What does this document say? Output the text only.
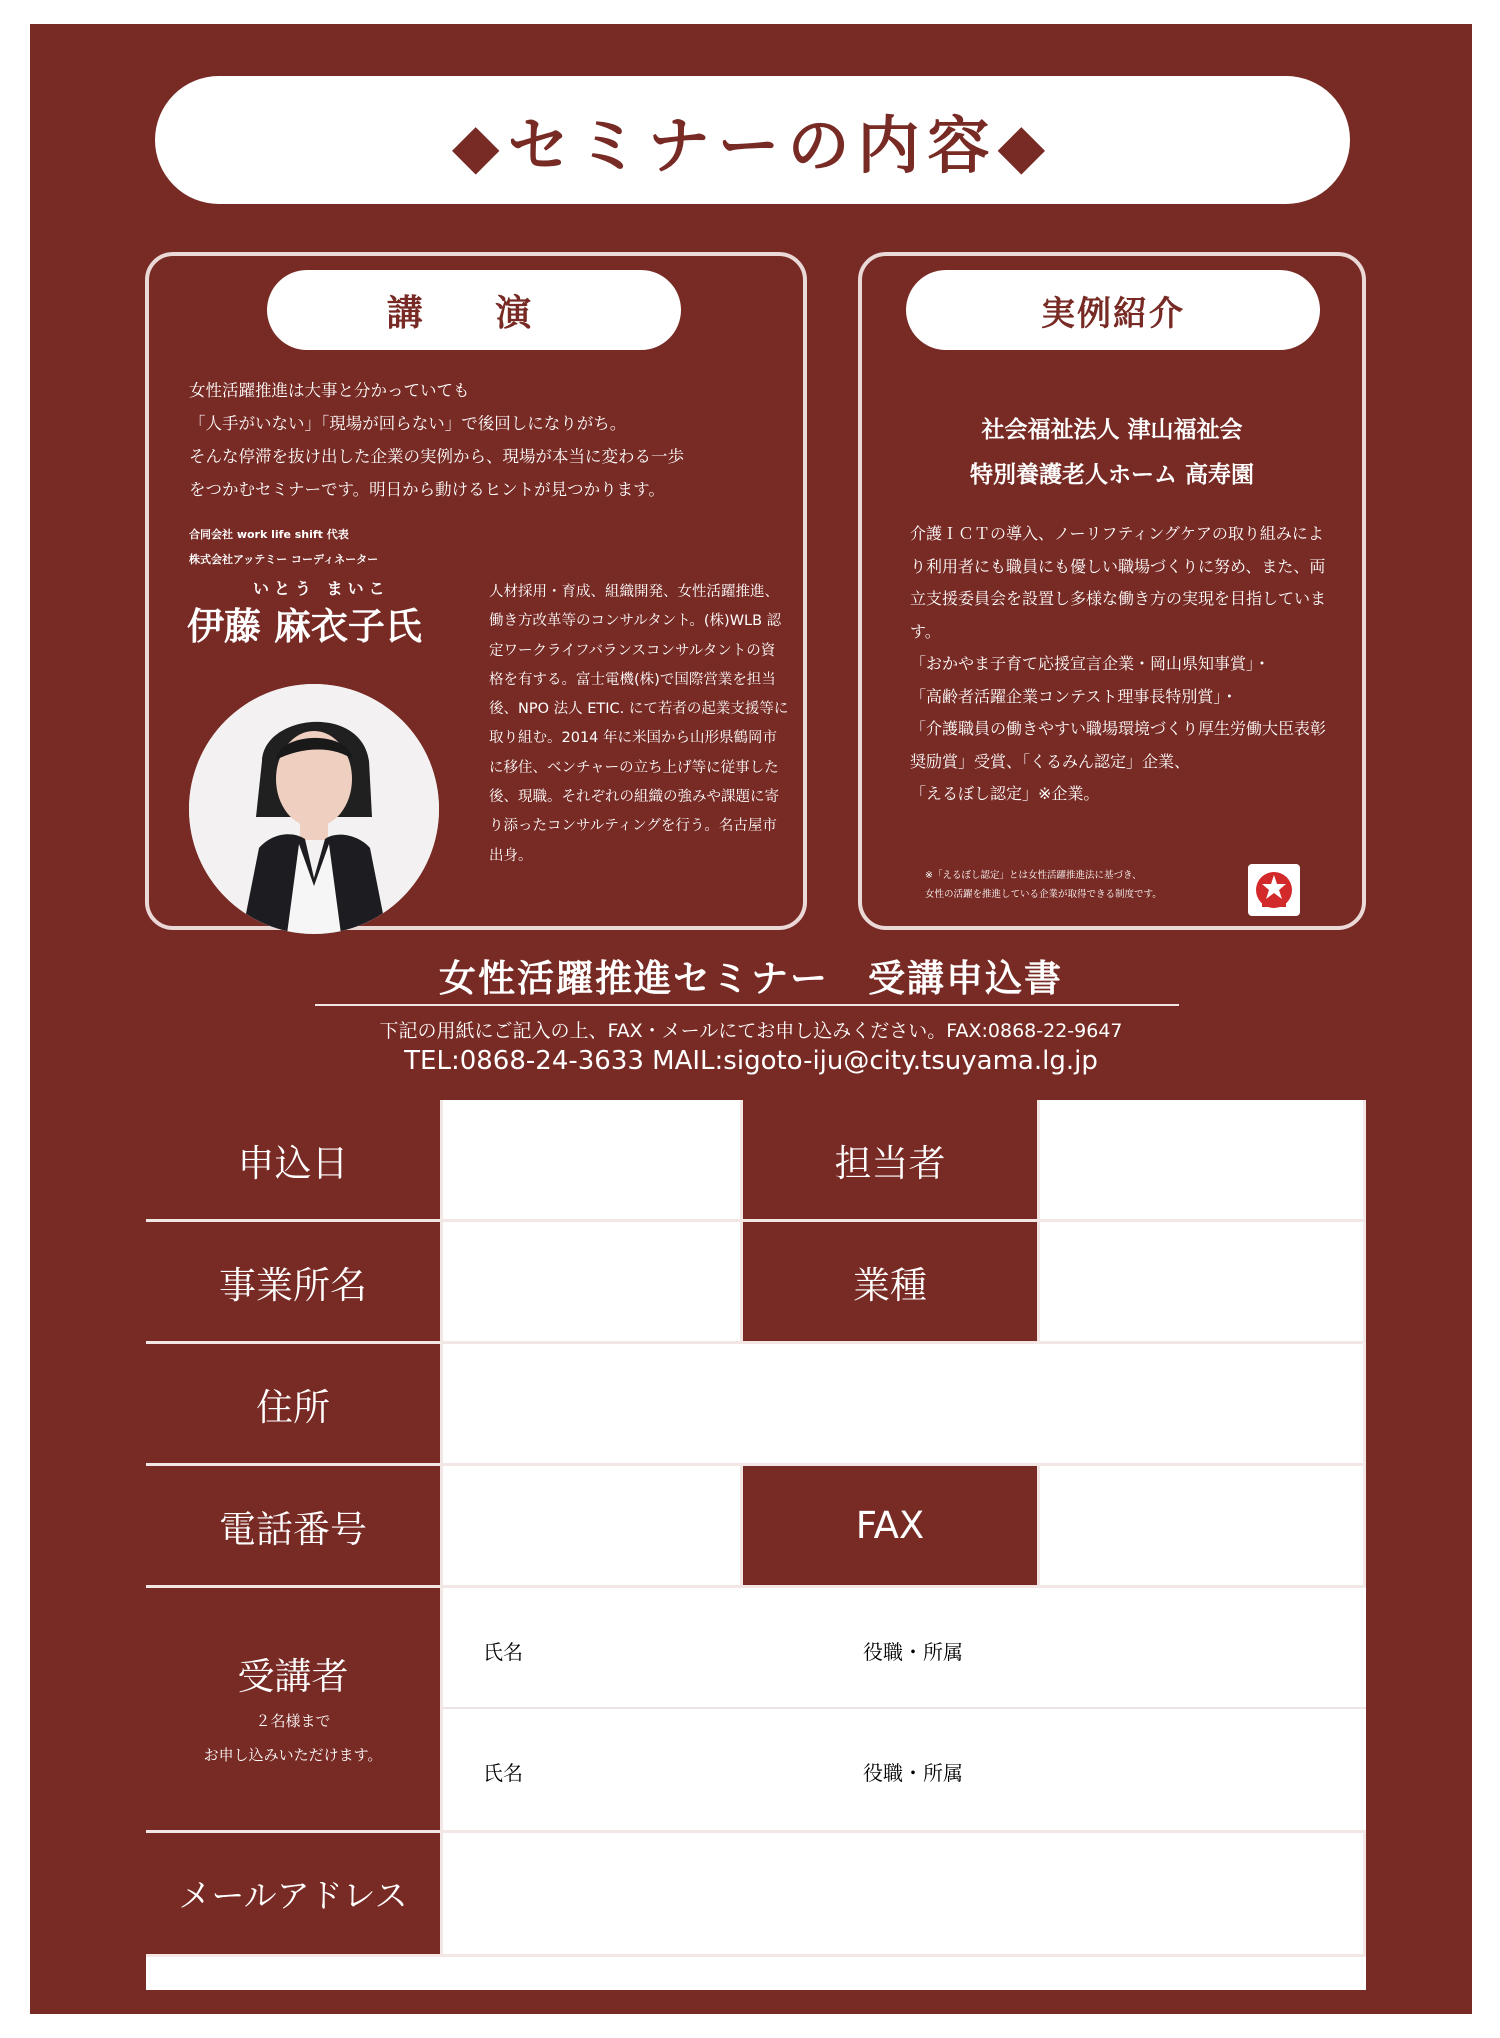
◆セミナーの内容◆
講 演
女性活躍推進は大事と分かっていても
「人手がいない」「現場が回らない」で後回しになりがち。
そんな停滞を抜け出した企業の実例から、現場が本当に変わる一歩
をつかむセミナーです。明日から動けるヒントが見つかります。
合同会社 work life shift 代表
株式会社アッテミー コーディネーター
いとう まいこ
伊藤 麻衣子氏
人材採用・育成、組織開発、女性活躍推進、働き方改革等のコンサルタント。(株)WLB 認定ワークライフバランスコンサルタントの資格を有する。富士電機(株)で国際営業を担当後、NPO 法人 ETIC. にて若者の起業支援等に取り組む。2014 年に米国から山形県鶴岡市に移住、ベンチャーの立ち上げ等に従事した後、現職。それぞれの組織の強みや課題に寄り添ったコンサルティングを行う。名古屋市出身。
実例紹介
社会福祉法人 津山福祉会
特別養護老人ホーム 高寿園
介護ＩＣＴの導入、ノーリフティングケアの取り組みにより利用者にも職員にも優しい職場づくりに努め、また、両立支援委員会を設置し多様な働き方の実現を目指しています。
「おかやま子育て応援宣言企業・岡山県知事賞」・
「高齢者活躍企業コンテスト理事長特別賞」・
「介護職員の働きやすい職場環境づくり厚生労働大臣表彰奨励賞」受賞、「くるみん認定」企業、
「えるぼし認定」※企業。
※「えるぼし認定」とは女性活躍推進法に基づき、
女性の活躍を推進している企業が取得できる制度です。
女性活躍推進セミナー　受講申込書
下記の用紙にご記入の上、FAX・メールにてお申し込みください。FAX:0868-22-9647
TEL:0868-24-3633 MAIL:sigoto-iju@city.tsuyama.lg.jp
申込日	担当者
事業所名	業種
住所
電話番号	FAX
受講者
２名様まで
お申し込みいただけます。
氏名	役職・所属
氏名	役職・所属
メールアドレス
